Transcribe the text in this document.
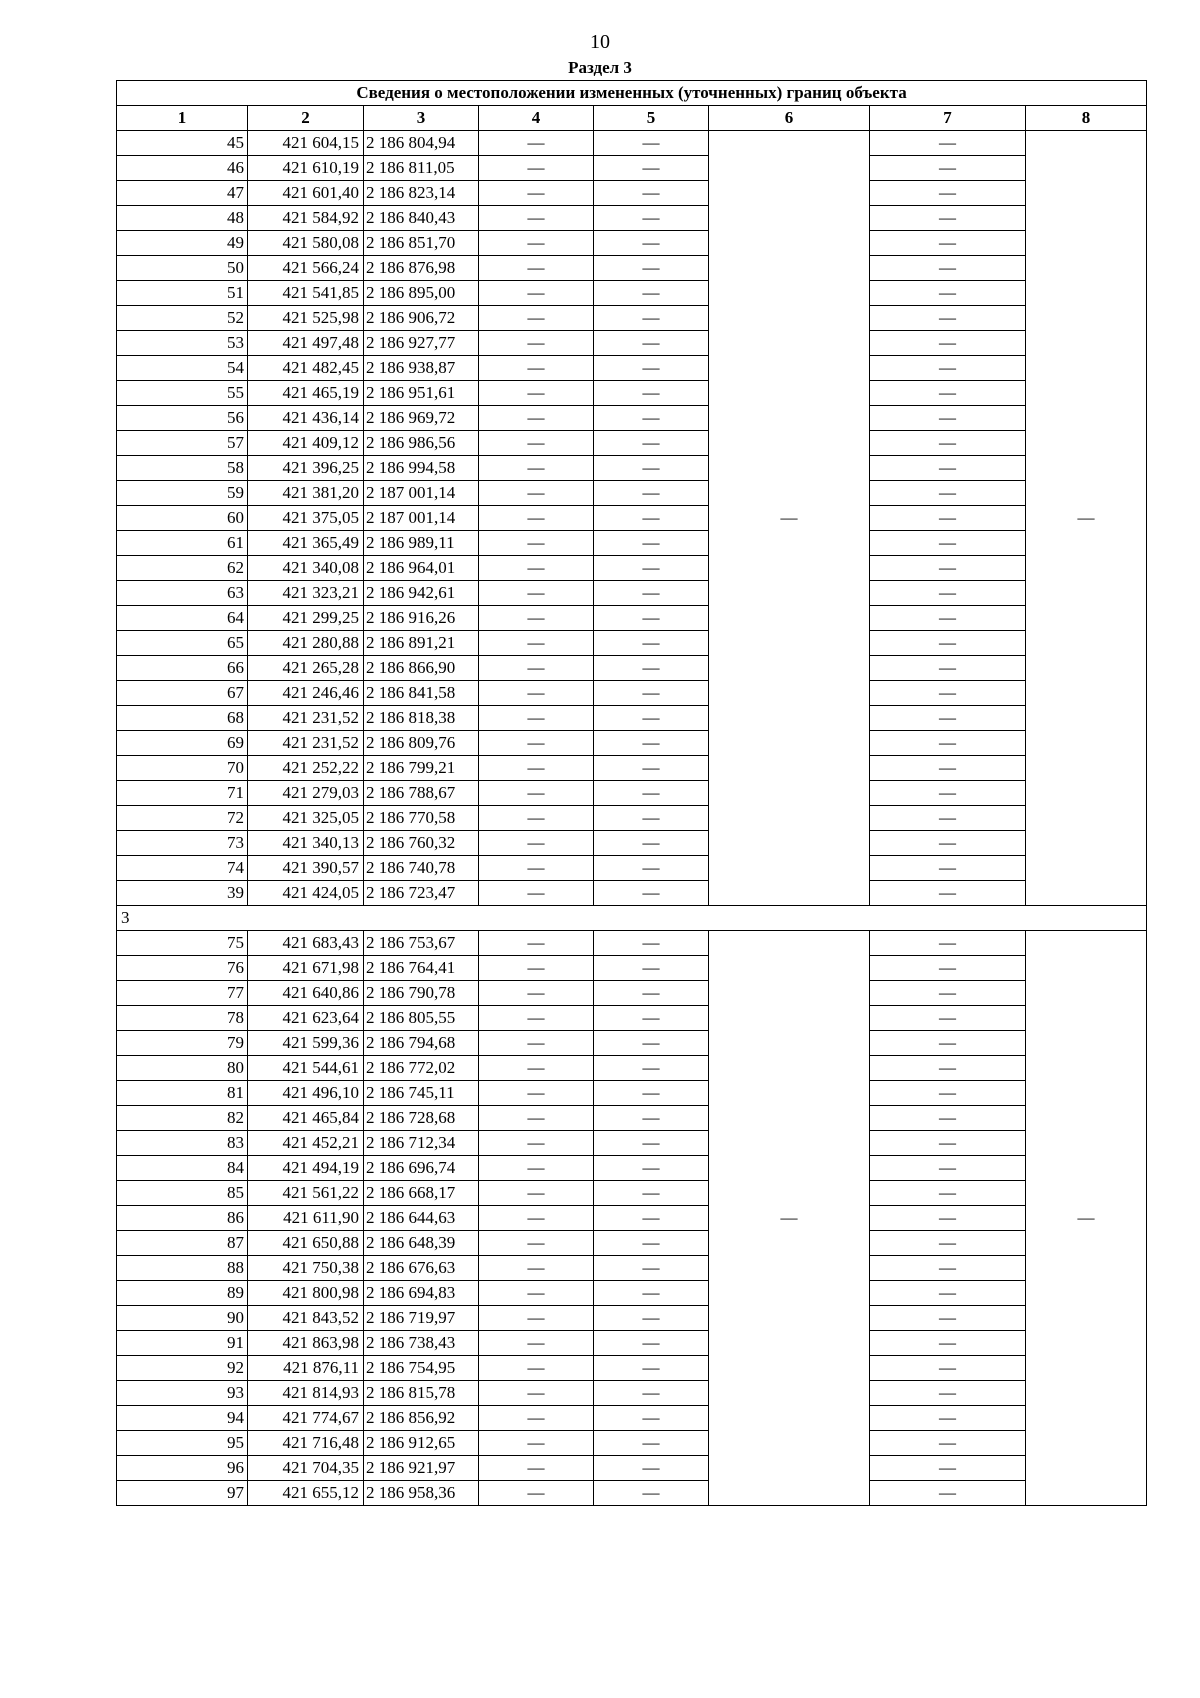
10
Раздел 3
Сведения о местоположении измененных (уточненных) границ объекта							
1	2	3	4	5	6	7	8
45	421 604,15	2 186 804,94	—	—	—	—	—
46	421 610,19	2 186 811,05	—	—		—	
47	421 601,40	2 186 823,14	—	—		—	
48	421 584,92	2 186 840,43	—	—		—	
49	421 580,08	2 186 851,70	—	—		—	
50	421 566,24	2 186 876,98	—	—		—	
51	421 541,85	2 186 895,00	—	—		—	
52	421 525,98	2 186 906,72	—	—		—	
53	421 497,48	2 186 927,77	—	—		—	
54	421 482,45	2 186 938,87	—	—		—	
55	421 465,19	2 186 951,61	—	—		—	
56	421 436,14	2 186 969,72	—	—		—	
57	421 409,12	2 186 986,56	—	—		—	
58	421 396,25	2 186 994,58	—	—		—	
59	421 381,20	2 187 001,14	—	—		—	
60	421 375,05	2 187 001,14	—	—		—	
61	421 365,49	2 186 989,11	—	—		—	
62	421 340,08	2 186 964,01	—	—		—	
63	421 323,21	2 186 942,61	—	—		—	
64	421 299,25	2 186 916,26	—	—		—	
65	421 280,88	2 186 891,21	—	—		—	
66	421 265,28	2 186 866,90	—	—		—	
67	421 246,46	2 186 841,58	—	—		—	
68	421 231,52	2 186 818,38	—	—		—	
69	421 231,52	2 186 809,76	—	—		—	
70	421 252,22	2 186 799,21	—	—		—	
71	421 279,03	2 186 788,67	—	—		—	
72	421 325,05	2 186 770,58	—	—		—	
73	421 340,13	2 186 760,32	—	—		—	
74	421 390,57	2 186 740,78	—	—		—	
39	421 424,05	2 186 723,47	—	—		—	
3							
75	421 683,43	2 186 753,67	—	—	—	—	—
76	421 671,98	2 186 764,41	—	—		—	
77	421 640,86	2 186 790,78	—	—		—	
78	421 623,64	2 186 805,55	—	—		—	
79	421 599,36	2 186 794,68	—	—		—	
80	421 544,61	2 186 772,02	—	—		—	
81	421 496,10	2 186 745,11	—	—		—	
82	421 465,84	2 186 728,68	—	—		—	
83	421 452,21	2 186 712,34	—	—		—	
84	421 494,19	2 186 696,74	—	—		—	
85	421 561,22	2 186 668,17	—	—		—	
86	421 611,90	2 186 644,63	—	—		—	
87	421 650,88	2 186 648,39	—	—		—	
88	421 750,38	2 186 676,63	—	—		—	
89	421 800,98	2 186 694,83	—	—		—	
90	421 843,52	2 186 719,97	—	—		—	
91	421 863,98	2 186 738,43	—	—		—	
92	421 876,11	2 186 754,95	—	—		—	
93	421 814,93	2 186 815,78	—	—		—	
94	421 774,67	2 186 856,92	—	—		—	
95	421 716,48	2 186 912,65	—	—		—	
96	421 704,35	2 186 921,97	—	—		—	
97	421 655,12	2 186 958,36	—	—		—	
